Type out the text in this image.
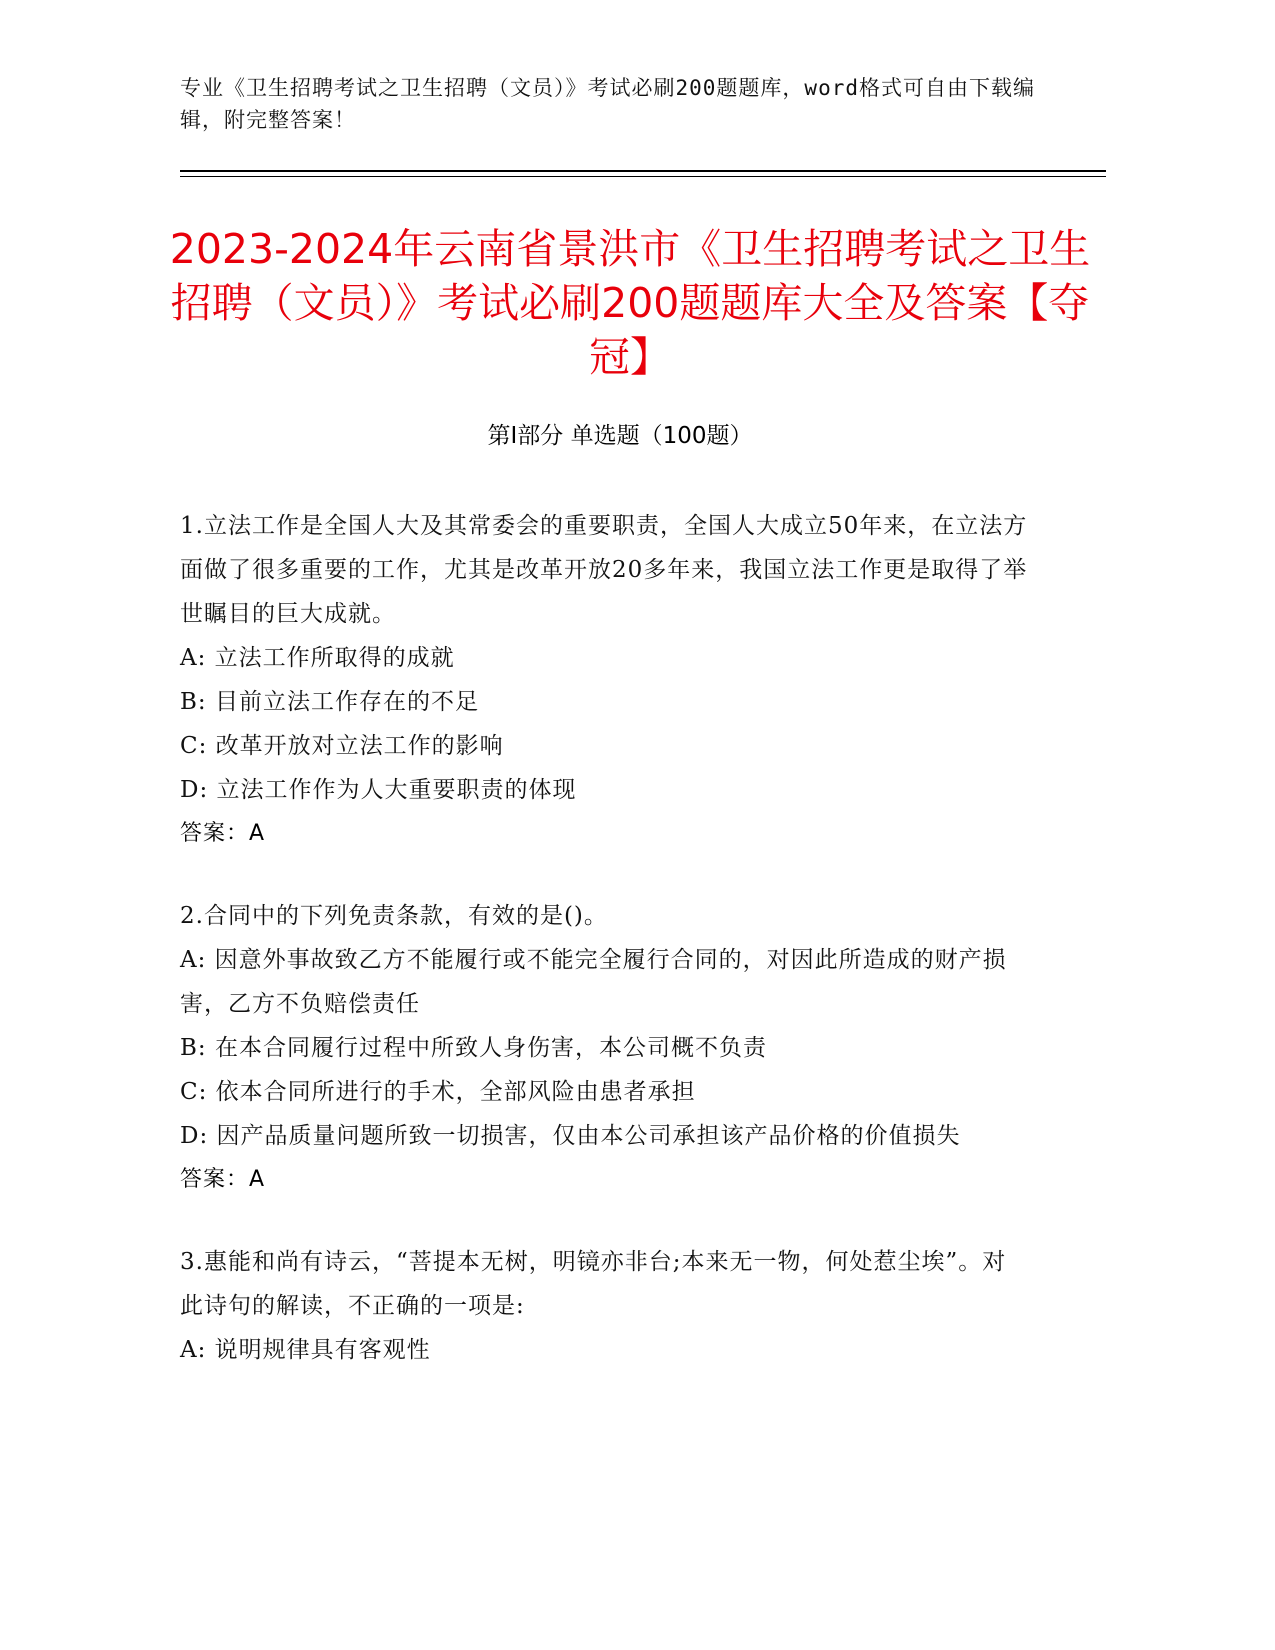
专业《卫生招聘考试之卫生招聘（文员）》考试必刷200题题库，word格式可自由下载编辑，附完整答案！
2023-2024年云南省景洪市《卫生招聘考试之卫生招聘（文员）》考试必刷200题题库大全及答案【夺冠】
第Ⅰ部分 单选题（100题）

1.立法工作是全国人大及其常委会的重要职责，全国人大成立50年来，在立法方面做了很多重要的工作，尤其是改革开放20多年来，我国立法工作更是取得了举世瞩目的巨大成就。

A: 立法工作所取得的成就

B: 目前立法工作存在的不足

C: 改革开放对立法工作的影响

D: 立法工作作为人大重要职责的体现

答案：A

2.合同中的下列免责条款，有效的是()。

A: 因意外事故致乙方不能履行或不能完全履行合同的，对因此所造成的财产损害，乙方不负赔偿责任

B: 在本合同履行过程中所致人身伤害，本公司概不负责

C: 依本合同所进行的手术，全部风险由患者承担

D: 因产品质量问题所致一切损害，仅由本公司承担该产品价格的价值损失

答案：A

3.惠能和尚有诗云，“菩提本无树，明镜亦非台;本来无一物，何处惹尘埃”。对此诗句的解读，不正确的一项是:

A: 说明规律具有客观性
